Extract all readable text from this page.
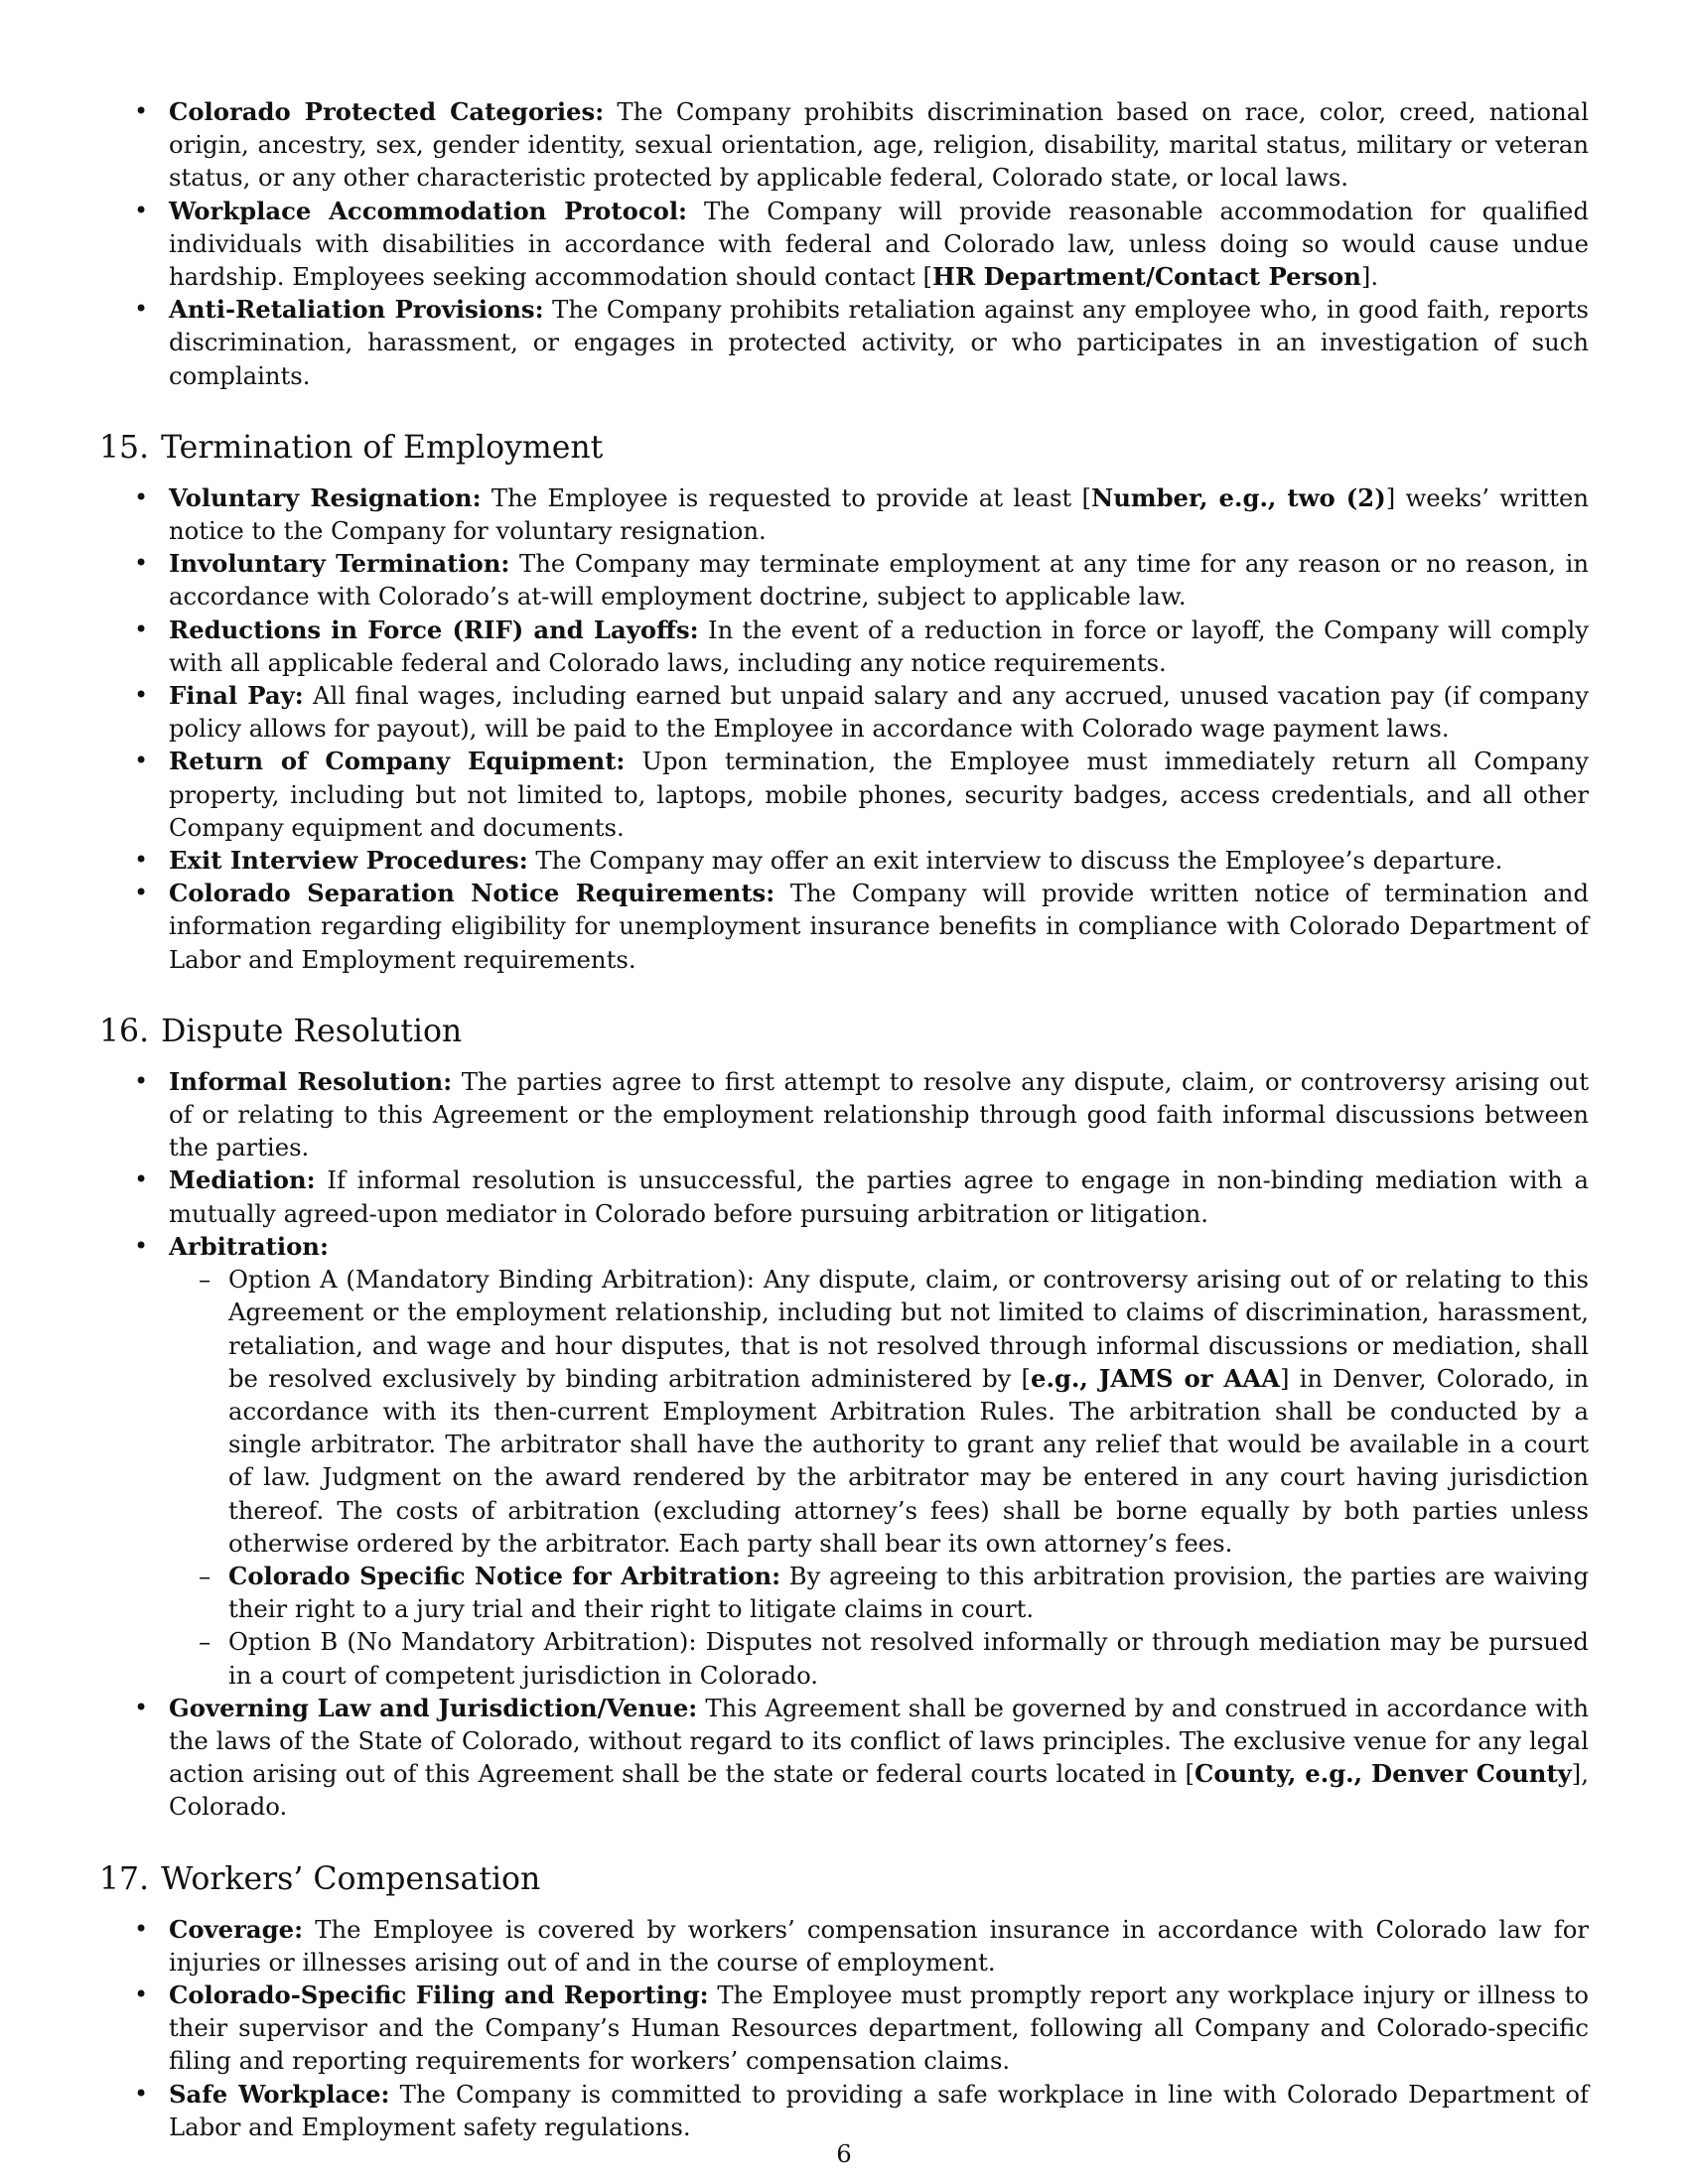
• Colorado Protected Categories: The Company prohibits discrimination based on race, color, creed, national origin, ancestry, sex, gender identity, sexual orientation, age, religion, disability, marital status, military or veteran status, or any other characteristic protected by applicable federal, Colorado state, or local laws.
• Workplace Accommodation Protocol: The Company will provide reasonable accommodation for qualified individuals with disabilities in accordance with federal and Colorado law, unless doing so would cause undue hardship. Employees seeking accommodation should contact [HR Department/Contact Person].
• Anti-Retaliation Provisions: The Company prohibits retaliation against any employee who, in good faith, reports discrimination, harassment, or engages in protected activity, or who participates in an investigation of such complaints.
15. Termination of Employment
• Voluntary Resignation: The Employee is requested to provide at least [Number, e.g., two (2)] weeks’ written notice to the Company for voluntary resignation.
• Involuntary Termination: The Company may terminate employment at any time for any reason or no reason, in accordance with Colorado’s at-will employment doctrine, subject to applicable law.
• Reductions in Force (RIF) and Layoffs: In the event of a reduction in force or layoff, the Company will comply with all applicable federal and Colorado laws, including any notice requirements.
• Final Pay: All final wages, including earned but unpaid salary and any accrued, unused vacation pay (if company policy allows for payout), will be paid to the Employee in accordance with Colorado wage payment laws.
• Return of Company Equipment: Upon termination, the Employee must immediately return all Company property, including but not limited to, laptops, mobile phones, security badges, access credentials, and all other Company equipment and documents.
• Exit Interview Procedures: The Company may offer an exit interview to discuss the Employee’s departure.
• Colorado Separation Notice Requirements: The Company will provide written notice of termination and information regarding eligibility for unemployment insurance benefits in compliance with Colorado Department of Labor and Employment requirements.
16. Dispute Resolution
• Informal Resolution: The parties agree to first attempt to resolve any dispute, claim, or controversy arising out of or relating to this Agreement or the employment relationship through good faith informal discussions between the parties.
• Mediation: If informal resolution is unsuccessful, the parties agree to engage in non-binding mediation with a mutually agreed-upon mediator in Colorado before pursuing arbitration or litigation.
• Arbitration:
– Option A (Mandatory Binding Arbitration): Any dispute, claim, or controversy arising out of or relating to this Agreement or the employment relationship, including but not limited to claims of discrimination, harassment, retaliation, and wage and hour disputes, that is not resolved through informal discussions or mediation, shall be resolved exclusively by binding arbitration administered by [e.g., JAMS or AAA] in Denver, Colorado, in accordance with its then-current Employment Arbitration Rules. The arbitration shall be conducted by a single arbitrator. The arbitrator shall have the authority to grant any relief that would be available in a court of law. Judgment on the award rendered by the arbitrator may be entered in any court having jurisdiction thereof. The costs of arbitration (excluding attorney’s fees) shall be borne equally by both parties unless otherwise ordered by the arbitrator. Each party shall bear its own attorney’s fees.
– Colorado Specific Notice for Arbitration: By agreeing to this arbitration provision, the parties are waiving their right to a jury trial and their right to litigate claims in court.
– Option B (No Mandatory Arbitration): Disputes not resolved informally or through mediation may be pursued in a court of competent jurisdiction in Colorado.
• Governing Law and Jurisdiction/Venue: This Agreement shall be governed by and construed in accordance with the laws of the State of Colorado, without regard to its conflict of laws principles. The exclusive venue for any legal action arising out of this Agreement shall be the state or federal courts located in [County, e.g., Denver County], Colorado.
17. Workers’ Compensation
• Coverage: The Employee is covered by workers’ compensation insurance in accordance with Colorado law for injuries or illnesses arising out of and in the course of employment.
• Colorado-Specific Filing and Reporting: The Employee must promptly report any workplace injury or illness to their supervisor and the Company’s Human Resources department, following all Company and Colorado-specific filing and reporting requirements for workers’ compensation claims.
• Safe Workplace: The Company is committed to providing a safe workplace in line with Colorado Department of Labor and Employment safety regulations.
6
